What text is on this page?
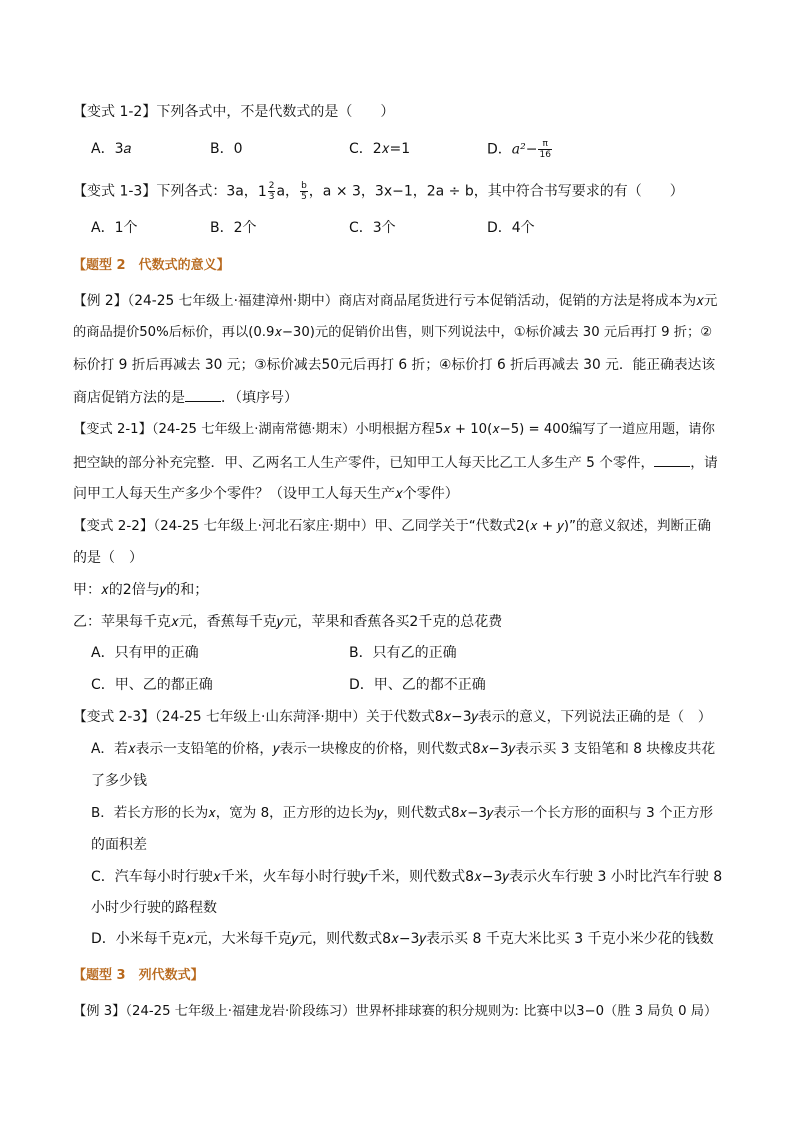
【变式 1-2】下列各式中，不是代数式的是（　　）
A．3𝑎	B．0	C．2𝑥=1	D．𝑎²− $\frac{\pi}{16}$
【变式 1-3】下列各式：3a， $1 \frac{2}{3}$ a， $\frac{b}{5}$ ，a × 3，3x−1，2a ÷ b，其中符合书写要求的有（　　）
A．1个	B．2个	C．3个	D．4个
【题型 2　代数式的意义】
【例 2】（24-25 七年级上·福建漳州·期中）商店对商品尾货进行亏本促销活动，促销的方法是将成本为𝑥元
的商品提价50%后标价，再以(0.9𝑥−30)元的促销价出售，则下列说法中，①标价减去 30 元后再打 9 折；②
标价打 9 折后再减去 30 元；③标价减去50元后再打 6 折；④标价打 6 折后再减去 30 元．能正确表达该
商店促销方法的是	．（填序号）
【变式 2-1】（24-25 七年级上·湖南常德·期末）小明根据方程5𝑥 + 10(𝑥−5) = 400编写了一道应用题，请你
把空缺的部分补充完整．甲、乙两名工人生产零件，已知甲工人每天比乙工人多生产 5 个零件，	，请
问甲工人每天生产多少个零件？（设甲工人每天生产𝑥个零件）
【变式 2-2】（24-25 七年级上·河北石家庄·期中）甲、乙同学关于“代数式2(𝑥 + 𝑦)”的意义叙述，判断正确
的是（　）
甲：𝑥的2倍与𝑦的和；
乙：苹果每千克𝑥元，香蕉每千克𝑦元，苹果和香蕉各买2千克的总花费
A．只有甲的正确	B．只有乙的正确
C．甲、乙的都正确	D．甲、乙的都不正确
【变式 2-3】（24-25 七年级上·山东菏泽·期中）关于代数式8𝑥−3𝑦表示的意义，下列说法正确的是（　）
A．若𝑥表示一支铅笔的价格，𝑦表示一块橡皮的价格，则代数式8𝑥−3𝑦表示买 3 支铅笔和 8 块橡皮共花
了多少钱
B．若长方形的长为𝑥，宽为 8，正方形的边长为𝑦，则代数式8𝑥−3𝑦表示一个长方形的面积与 3 个正方形
的面积差
C．汽车每小时行驶𝑥千米，火车每小时行驶𝑦千米，则代数式8𝑥−3𝑦表示火车行驶 3 小时比汽车行驶 8
小时少行驶的路程数
D．小米每千克𝑥元，大米每千克𝑦元，则代数式8𝑥−3𝑦表示买 8 千克大米比买 3 千克小米少花的钱数
【题型 3　列代数式】
【例 3】（24-25 七年级上·福建龙岩·阶段练习）世界杯排球赛的积分规则为: 比赛中以3−0（胜 3 局负 0 局）
